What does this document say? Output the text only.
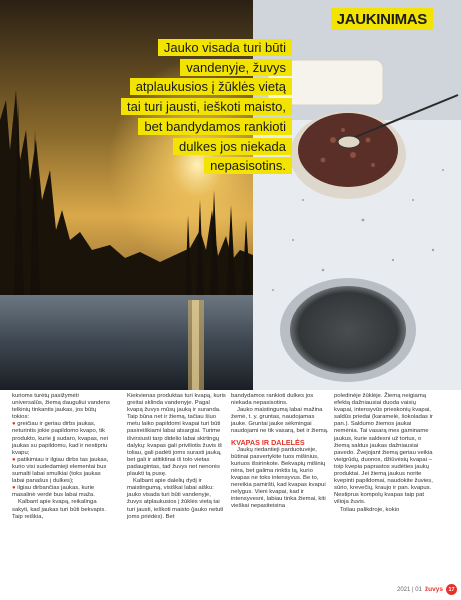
JAUKINIMAS
Jauko visada turi būti
vandenyje, žuvys
atplaukusios į žūklės vietą
tai turi jausti, ieškoti maisto,
bet bandydamos rankioti
dulkes jos niekada
nepasisotins.

kurioms turėtų pasižymėti universalūs, žiemą dauguliui vandens telkinių tinkantis jaukas, jos būtų tokios:

● greičiau ir geriau dirbs jaukas, neturintis jokie papildomo kvapo, tik produkto, kurie jį sudaro, kvapas, nei jaukas su papildomu, kad ir nestipriu kvapu;

● patikimiau ir ilgiau dirbs tas jaukas, kurio visi sudedamieji elementai bus sumalti labai smulkiai (toks jaukas labai panašus į dulkes);

● ilgiau dirbančias jaukas, kurie masalinė verdė bus labai maža.

Kalbant apie kvapą, reikalinga sakyti, kad jaukas turi būti bekvapis. Taip reiškia,

Kiekvienas produktas turi kvapą, kuris greitai sklinda vandenyje. Pagal kvapą žuvys mūsų jauką ir suranda. Taip būna net ir žiemą, tačiau šiuo metu laiko papildomi kvapai turi būti pasireiškiami labai atsargiai. Turime išvirsiusti tarp didelio labai skirtingų dalykų: kvapas gali priviliotis žuvis iš toliau, gali padėti joms surasti jauką, bet gali ir atitiktinai iš tolo vietas padaugintas, tad žuvys net nenorės plaukti tą pusę.

Kalbant apie dalelių dydį ir maistingumą, visiškai labai aišku: jauko visada turi būti vandenyje, žuvys atplaukusios į žūklės vietą tai turi jausti, ieškoti maisto (jauko netuti joms priėdės). Bet

bandydamos rankioti dulkes jos niekada nepasisotins.

Jauko maistingumą labai mažina žemė, t. y. gruntas, naudojamas jauke. Gruntai jauke sėkmingai naudojami ne tik vasarą, bet ir žiemą.

KVAPAS IR DALELĖS

Jaukų riedantieji parduotuvėje, būtinai pasvertykite tuos mišinius, kuriuos išsirinkote. Bekvapių mišinių nėra, bet galima rinktis tą, kurio kvapas ne toks intensyvus. Be to, nereikia pamiršti, kad kvapas kvapui nelygus. Vieni kvapai, kad ir intensyvesni, labiau tinka žiemai, kiti vieškai nepasiteisina

poledinėje žūklėje. Žiemą neigiamą efektą dažniausiai duoda vaisių kvapai, intensyvūs prieskonių kvapai, saldūs priedai (karamelė, šokoladas ir pan.). Saldumo žiemos jaukai nemėnia. Tai vasarą mes gaminame jaukus, kurie saldesni už tortus, o žiemą saldus jaukas dažniausiai pavedo. Žvejojant žiemą geriau veikia vieigrūdų, duonos, džiūvėsių kvapai – toip kvepia paprastos sudėties jaukų produktai. Jei žiemą jaukus norite kvepinti papildomai, naudokite žuvies, sūrio, krevečių, kraujo ir pan. kvapus. Nestiprus kompolų kvapas taip pat vilioja žuvis.

Toliau palikdroje, kokio

2021 | 01 žuvys 17
